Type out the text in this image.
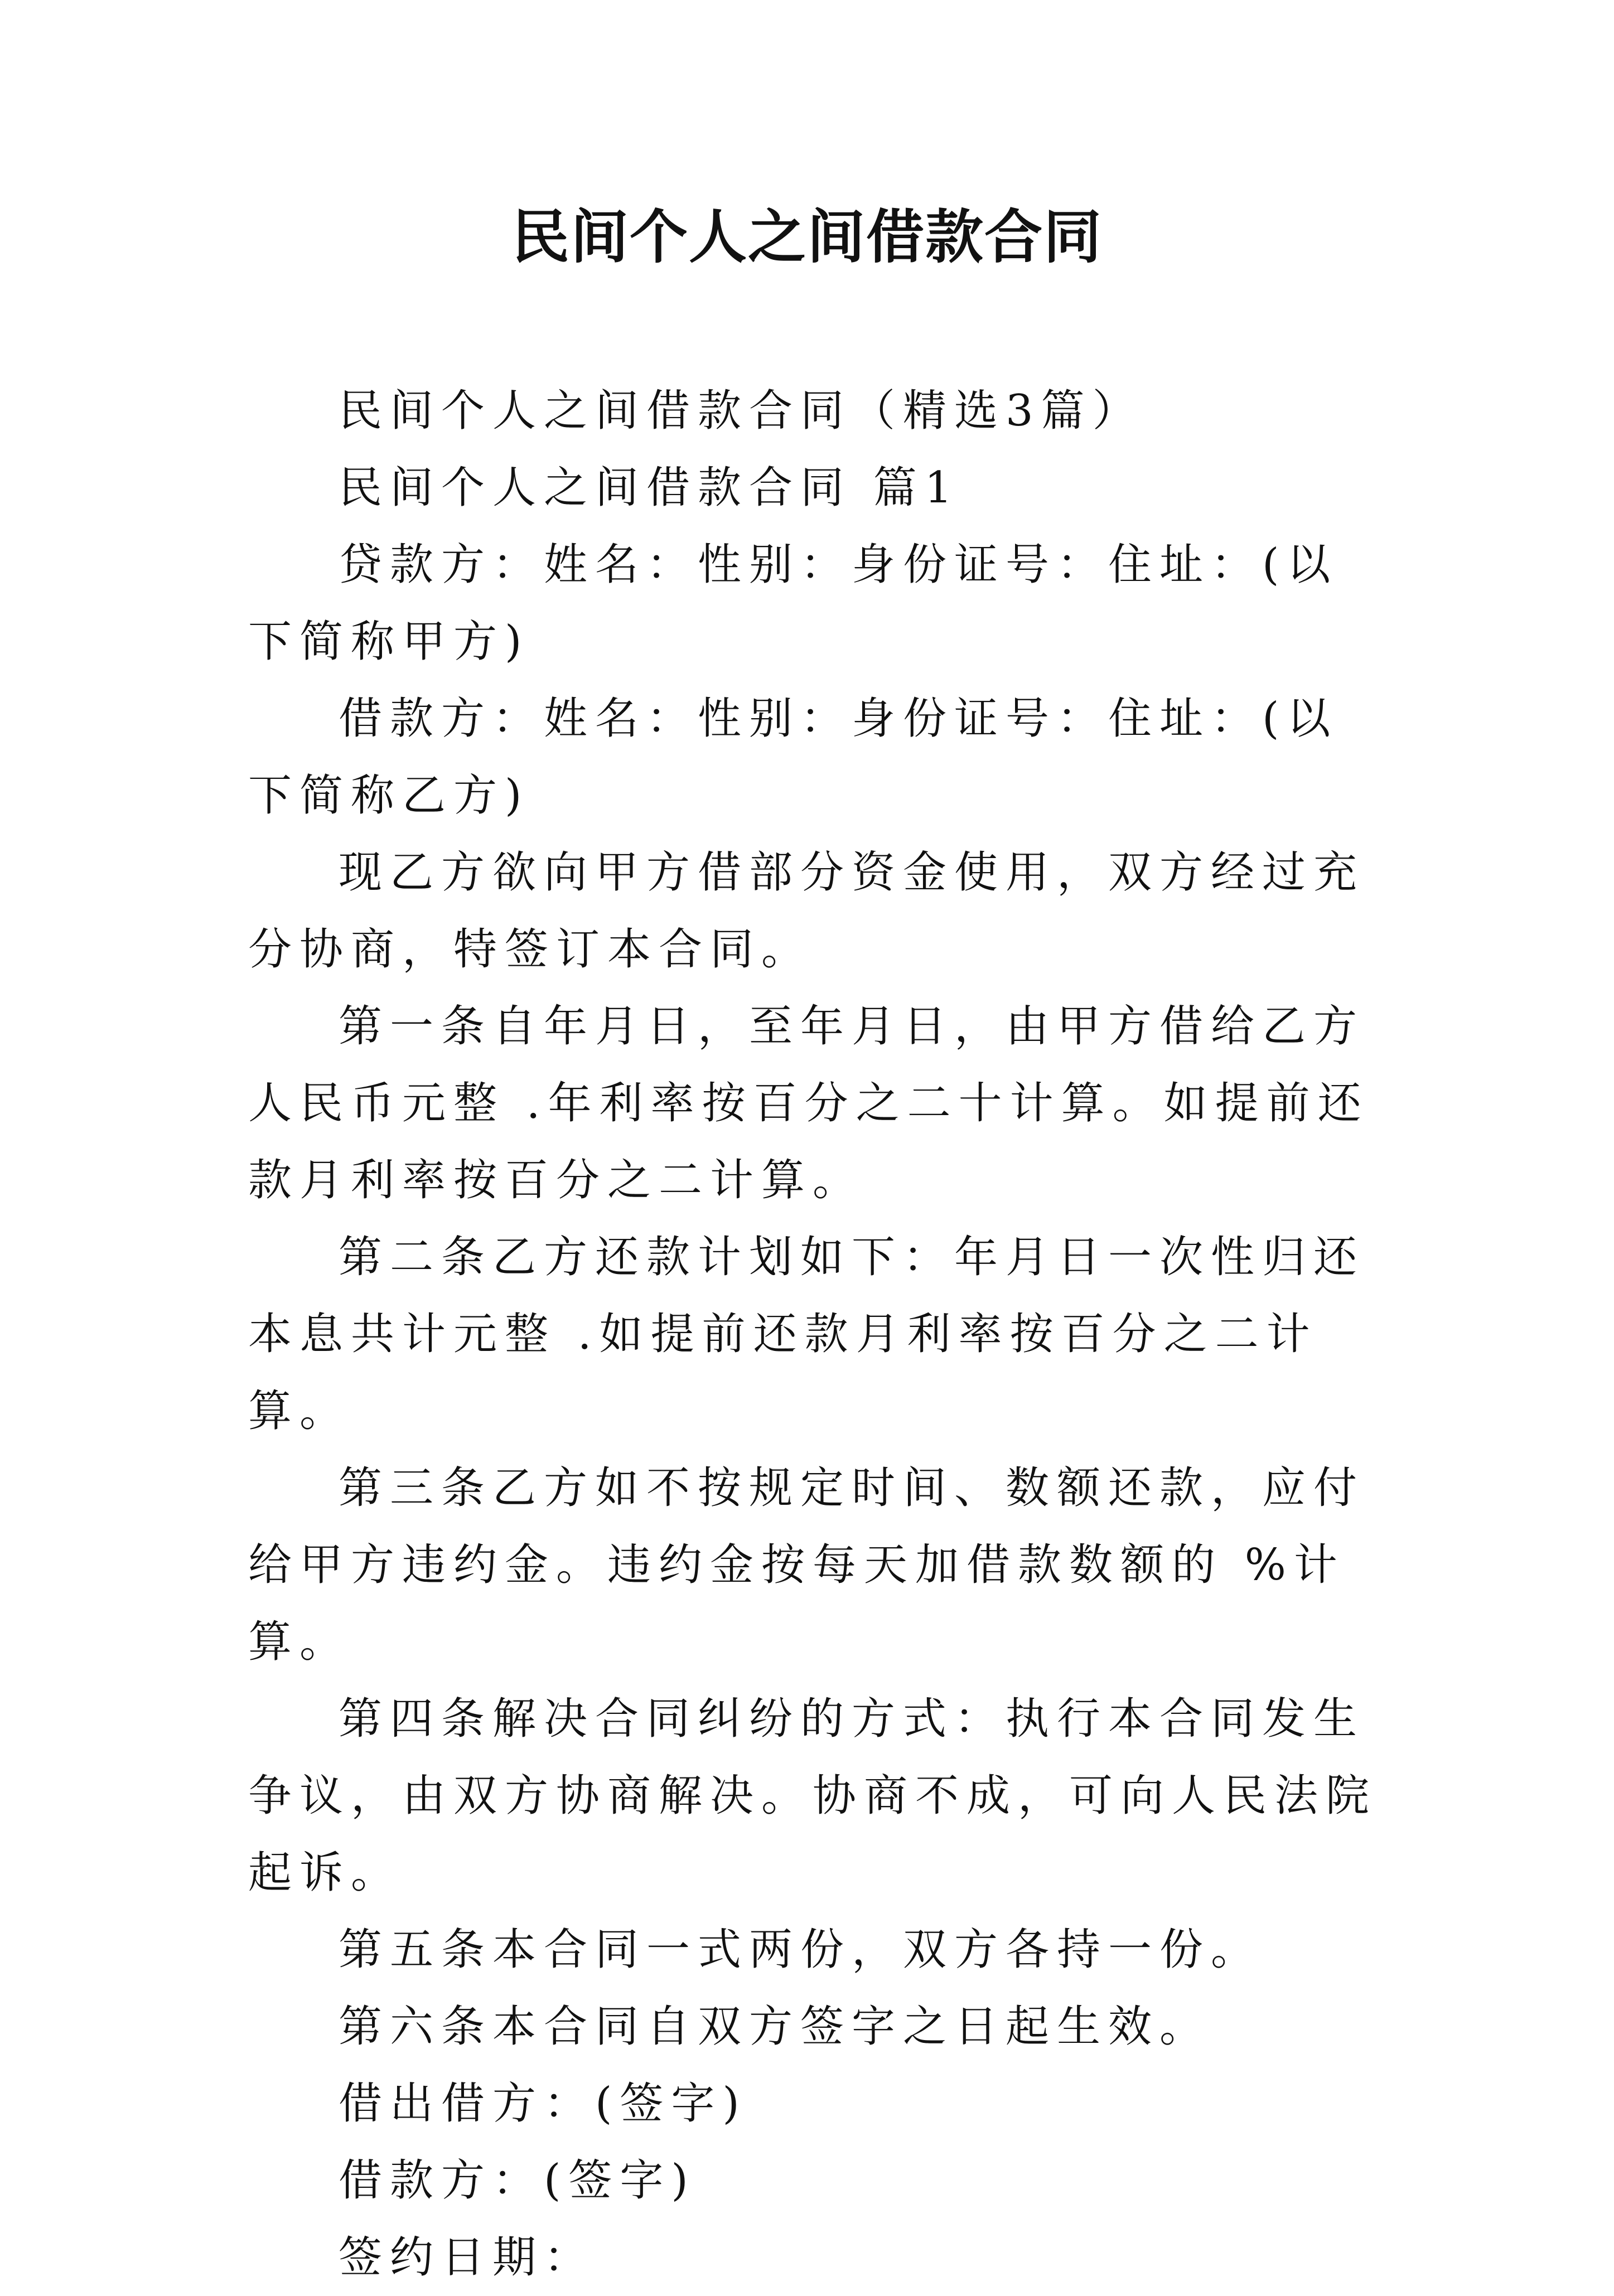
民间个人之间借款合同

民间个人之间借款合同（精选3篇）

民间个人之间借款合同 篇1

贷款方：姓名：性别：身份证号：住址：(以下简称甲方)

借款方：姓名：性别：身份证号：住址：(以下简称乙方)

现乙方欲向甲方借部分资金使用，双方经过充分协商，特签订本合同。

第一条自年月日，至年月日，由甲方借给乙方人民币元整 .年利率按百分之二十计算。如提前还款月利率按百分之二计算。

第二条乙方还款计划如下：年月日一次性归还本息共计元整 .如提前还款月利率按百分之二计算。

第三条乙方如不按规定时间、数额还款，应付给甲方违约金。违约金按每天加借款数额的 %计算。

第四条解决合同纠纷的方式：执行本合同发生争议，由双方协商解决。协商不成，可向人民法院起诉。

第五条本合同一式两份，双方各持一份。

第六条本合同自双方签字之日起生效。

借出借方：(签字)

借款方：(签字)

签约日期：
